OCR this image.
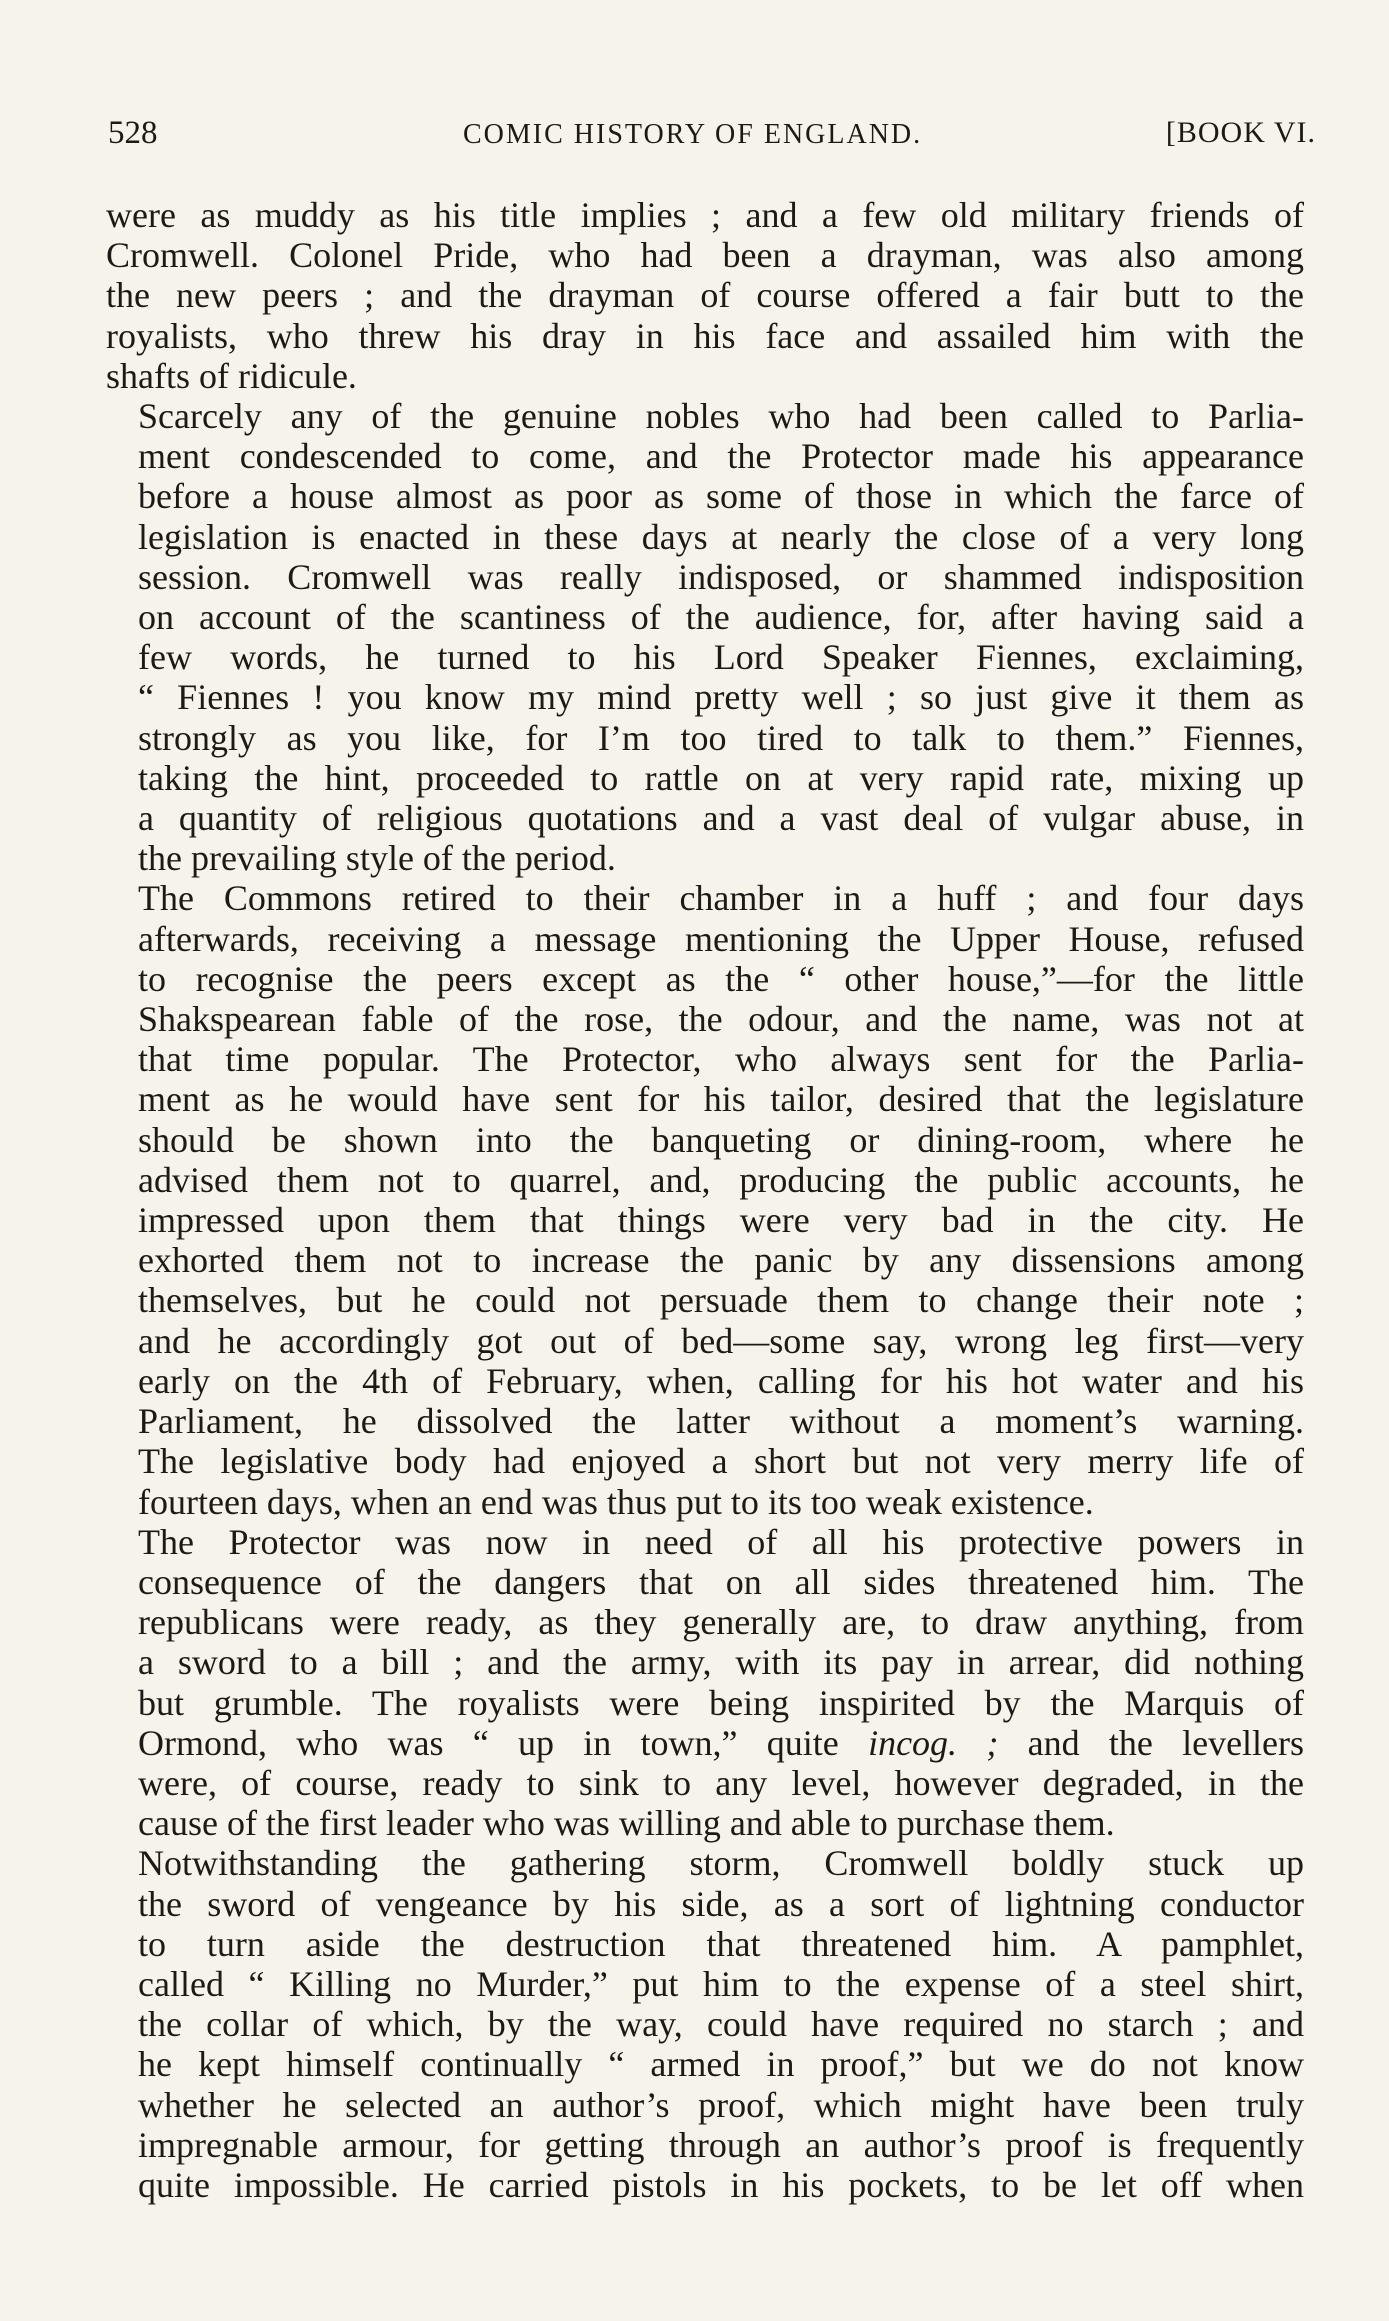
528	COMIC HISTORY OF ENGLAND.	[BOOK VI.

were as muddy as his title implies ; and a few old military friends of
Cromwell. Colonel Pride, who had been a drayman, was also among
the new peers ; and the drayman of course offered a fair butt to the
royalists, who threw his dray in his face and assailed him with the
shafts of ridicule.

Scarcely any of the genuine nobles who had been called to Parlia-
ment condescended to come, and the Protector made his appearance
before a house almost as poor as some of those in which the farce of
legislation is enacted in these days at nearly the close of a very long
session. Cromwell was really indisposed, or shammed indisposition
on account of the scantiness of the audience, for, after having said a
few words, he turned to his Lord Speaker Fiennes, exclaiming,
“ Fiennes ! you know my mind pretty well ; so just give it them as
strongly as you like, for I’m too tired to talk to them.” Fiennes,
taking the hint, proceeded to rattle on at very rapid rate, mixing up
a quantity of religious quotations and a vast deal of vulgar abuse, in
the prevailing style of the period.

The Commons retired to their chamber in a huff ; and four days
afterwards, receiving a message mentioning the Upper House, refused
to recognise the peers except as the “ other house,”—for the little
Shakspearean fable of the rose, the odour, and the name, was not at
that time popular. The Protector, who always sent for the Parlia-
ment as he would have sent for his tailor, desired that the legislature
should be shown into the banqueting or dining-room, where he
advised them not to quarrel, and, producing the public accounts, he
impressed upon them that things were very bad in the city. He
exhorted them not to increase the panic by any dissensions among
themselves, but he could not persuade them to change their note ;
and he accordingly got out of bed—some say, wrong leg first—very
early on the 4th of February, when, calling for his hot water and his
Parliament, he dissolved the latter without a moment’s warning.
The legislative body had enjoyed a short but not very merry life of
fourteen days, when an end was thus put to its too weak existence.

The Protector was now in need of all his protective powers in
consequence of the dangers that on all sides threatened him. The
republicans were ready, as they generally are, to draw anything, from
a sword to a bill ; and the army, with its pay in arrear, did nothing
but grumble. The royalists were being inspirited by the Marquis of
Ormond, who was “ up in town,” quite incog. ; and the levellers
were, of course, ready to sink to any level, however degraded, in the
cause of the first leader who was willing and able to purchase them.

Notwithstanding the gathering storm, Cromwell boldly stuck up
the sword of vengeance by his side, as a sort of lightning conductor
to turn aside the destruction that threatened him. A pamphlet,
called “ Killing no Murder,” put him to the expense of a steel shirt,
the collar of which, by the way, could have required no starch ; and
he kept himself continually “ armed in proof,” but we do not know
whether he selected an author’s proof, which might have been truly
impregnable armour, for getting through an author’s proof is frequently
quite impossible. He carried pistols in his pockets, to be let off when
